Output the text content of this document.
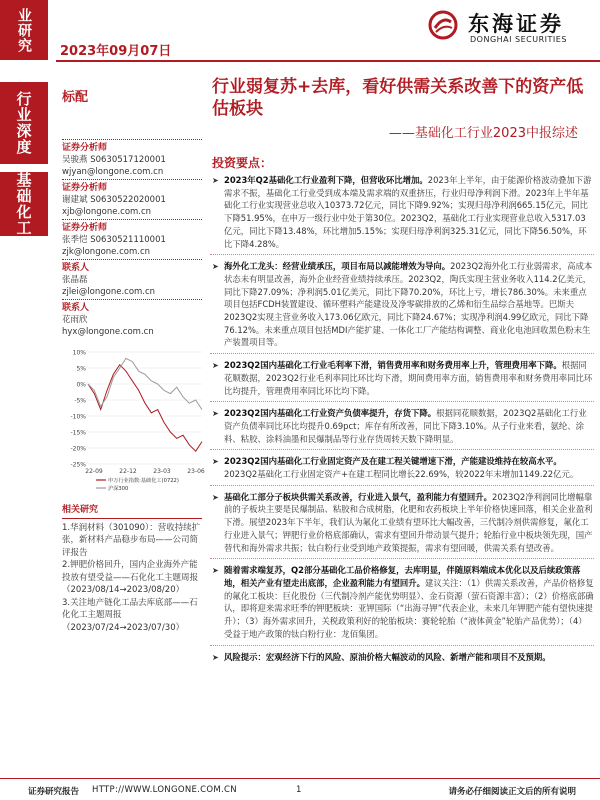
业研究
行业深度
基础化工
2023年09月07日
东海证券
DONGHAI SECURITIES
标配
行业弱复苏+去库，看好供需关系改善下的资产低估板块
——基础化工行业2023中报综述
证券分析师
吴骏燕 S0630517120001
wjyan@longone.com.cn
证券分析师
谢建斌 S0630522020001
xjb@longone.com.cn
证券分析师
张季恺 S0630521110001
zjk@longone.com.cn
联系人
张晶磊
zjlei@longone.com.cn
联系人
花雨欣
hyx@longone.com.cn
10%
5%
0%
-5%
-10%
-15%
-20%
-25%
22-09	22-12	23-03	23-06
申万行业指数:基础化工(0722)
沪深300
相关研究
1.华润材料（301090）：营收持续扩张，新材料产品稳步布局——公司简评报告
2.钾肥价格回升，国内企业海外产能投放有望受益——石化化工主题周报（2023/08/14→2023/08/20）
3.关注地产链化工品去库底部——石化化工主题周报（2023/07/24→2023/07/30）
投资要点：
➤ 2023年Q2基础化工行业盈利下降，但营收环比增加。2023年上半年，由于能源价格波动叠加下游需求不振，基础化工行业受到成本端及需求端的双重挤压，行业归母净利润下滑。2023年上半年基础化工行业实现营业总收入10373.72亿元，同比下降9.92%；实现归母净利润665.15亿元，同比下降51.95%，在申万一级行业中处于第30位。2023Q2，基础化工行业实现营业总收入5317.03亿元，同比下降13.48%，环比增加5.15%；实现归母净利润325.31亿元，同比下降56.50%，环比下降4.28%。
➤ 海外化工龙头：经营业绩承压，项目布局以减能增效为导向。2023Q2海外化工行业弱需求，高成本状态未有明显改善，海外企业经营业绩持续承压。2023Q2，陶氏实现主营业务收入114.2亿美元，同比下降27.09%；净利润5.01亿美元，同比下降70.20%，环比上亏，增长786.30%。未来重点项目包括FCDH装置建设、循环塑料产能建设及净零碳排放的乙烯和衍生品综合基地等。巴斯夫2023Q2实现主营业务收入173.06亿欧元，同比下降24.67%；实现净利润4.99亿欧元，同比下降76.12%。未来重点项目包括MDI产能扩建、一体化工厂产能结构调整、商业化电池回收黑色粉末生产装置项目等。
➤ 2023Q2国内基础化工行业毛利率下滑，销售费用率和财务费用率上升，管理费用率下降。根据同花顺数据，2023Q2行业毛利率同比环比均下滑，期间费用率方面，销售费用率和财务费用率同比环比均提升，管理费用率同比环比均下降。
➤ 2023Q2国内基础化工行业资产负债率提升，存货下降。根据同花顺数据，2023Q2基础化工行业资产负债率同比环比均提升0.69pct；库存有所改善，同比下降3.10%。从子行业来看，氨纶、涂料、粘胶、涂料油墨和民爆制品等行业存货周转天数下降明显。
➤ 2023Q2国内基础化工行业固定资产及在建工程关键增速下滑，产能建设维持在较高水平。2023Q2基础化工行业固定资产+在建工程同比增长22.69%，较2022年末增加1149.22亿元。
➤ 基础化工部分子板块供需关系改善，行业进入景气，盈利能力有望回升。2023Q2净利润同比增幅靠前的子板块主要是民爆制品、粘胶和合成树脂，化肥和农药板块上半年价格快速回落，相关企业盈利下滑。展望2023年下半年，我们认为氟化工业绩有望环比大幅改善，三代制冷剂供需修复，氟化工行业进入景气；钾肥行业价格底部确认，需求有望回升带动景气提升；轮胎行业中板块领先现，国产替代和海外需求共振；钛白粉行业受到地产政策提振，需求有望回暖，供需关系有望改善。
➤ 随着需求端复苏，Q2部分基础化工品价格修复，去库明显，伴随原料端成本优化以及后续政策落地，相关产业有望走出底部，企业盈利能力有望回升。建议关注：（1）供需关系改善，产品价格修复的氟化工板块：巨化股份（三代制冷剂产能优势明显）、金石资源（萤石资源丰富）；（2）价格底部确认，即将迎来需求旺季的钾肥板块：亚钾国际（“出海寻钾”代表企业，未来几年钾肥产能有望快速提升）；（3）海外需求回升，关税政策利好的轮胎板块：赛轮轮胎（“液体黄金”轮胎产品优势）；（4）受益于地产政策的钛白粉行业：龙佰集团。
➤ 风险提示：宏观经济下行的风险、原油价格大幅波动的风险、新增产能和项目不及预期。
证券研究报告 HTTP://WWW.LONGONE.COM.CN	1	请务必仔细阅读正文后的所有说明
